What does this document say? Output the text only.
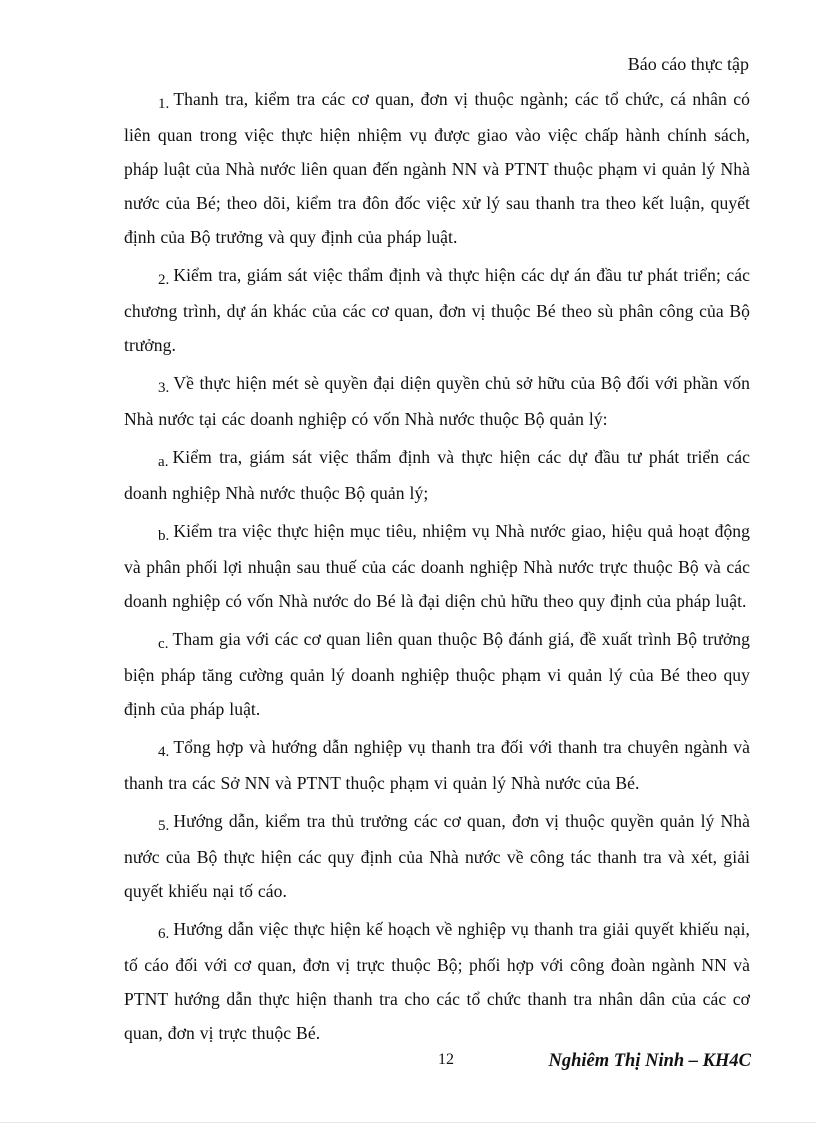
Báo cáo thực tập

1. Thanh tra, kiểm tra các cơ quan, đơn vị thuộc ngành; các tổ chức, cá nhân có liên quan trong việc thực hiện nhiệm vụ được giao vào việc chấp hành chính sách, pháp luật của Nhà nước liên quan đến ngành NN và PTNT thuộc phạm vi quản lý Nhà nước của Bé; theo dõi, kiểm tra đôn đốc việc xử lý sau thanh tra theo kết luận, quyết định của Bộ trưởng và quy định của pháp luật.

2. Kiểm tra, giám sát việc thẩm định và thực hiện các dự án đầu tư phát triển; các chương trình, dự án khác của các cơ quan, đơn vị thuộc Bé theo sù phân công của Bộ trưởng.

3. Về thực hiện mét sè quyền đại diện quyền chủ sở hữu của Bộ đối với phần vốn Nhà nước tại các doanh nghiệp có vốn Nhà nước thuộc Bộ quản lý:

a. Kiểm tra, giám sát việc thẩm định và thực hiện các dự đầu tư phát triển các doanh nghiệp Nhà nước thuộc Bộ quản lý;

b. Kiểm tra việc thực hiện mục tiêu, nhiệm vụ Nhà nước giao, hiệu quả hoạt động và phân phối lợi nhuận sau thuế của các doanh nghiệp Nhà nước trực thuộc Bộ và các doanh nghiệp có vốn Nhà nước do Bé là đại diện chủ hữu theo quy định của pháp luật.

c. Tham gia với các cơ quan liên quan thuộc Bộ đánh giá, đề xuất trình Bộ trưởng biện pháp tăng cường quản lý doanh nghiệp thuộc phạm vi quản lý của Bé theo quy định của pháp luật.

4. Tổng hợp và hướng dẫn nghiệp vụ thanh tra đối với thanh tra chuyên ngành và thanh tra các Sở NN và PTNT thuộc phạm vi quản lý Nhà nước của Bé.

5. Hướng dẫn, kiểm tra thủ trưởng các cơ quan, đơn vị thuộc quyền quản lý Nhà nước của Bộ thực hiện các quy định của Nhà nước về công tác thanh tra và xét, giải quyết khiếu nại tố cáo.

6. Hướng dẫn việc thực hiện kế hoạch về nghiệp vụ thanh tra giải quyết khiếu nại, tố cáo đối với cơ quan, đơn vị trực thuộc Bộ; phối hợp với công đoàn ngành NN và PTNT hướng dẫn thực hiện thanh tra cho các tổ chức thanh tra nhân dân của các cơ quan, đơn vị trực thuộc Bé.

12	Nghiêm Thị Ninh – KH4C
